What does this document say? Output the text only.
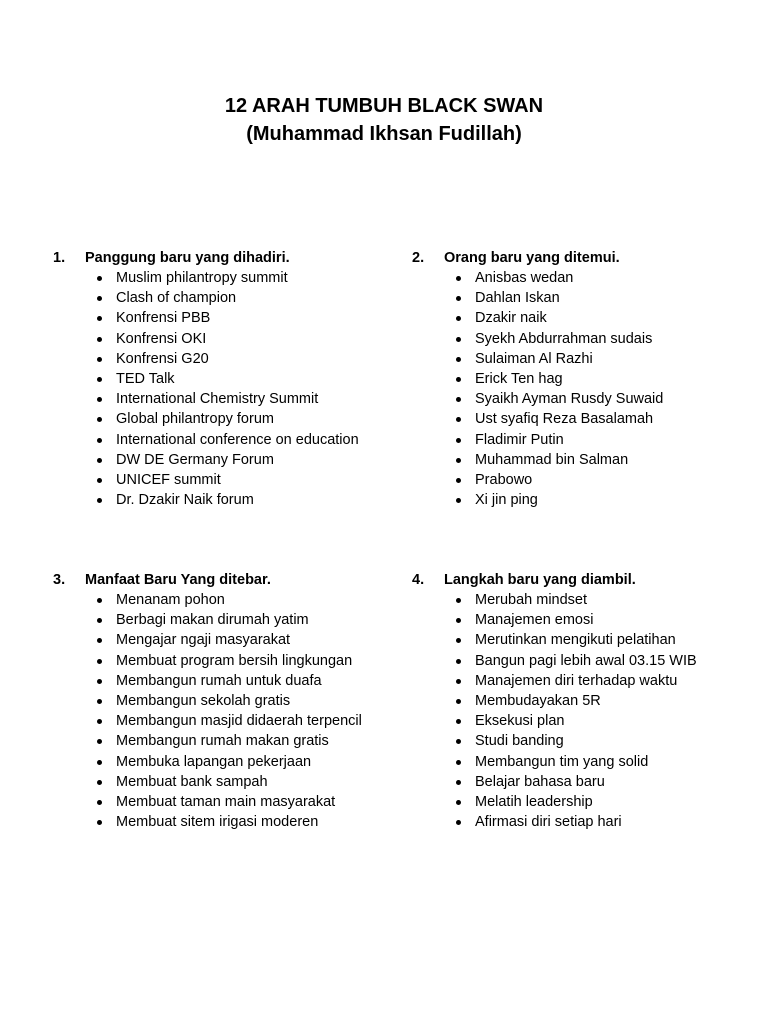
12 ARAH TUMBUH BLACK SWAN
(Muhammad Ikhsan Fudillah)
1. Panggung baru yang dihadiri.
Muslim philantropy summit
Clash of champion
Konfrensi PBB
Konfrensi OKI
Konfrensi G20
TED Talk
International Chemistry Summit
Global philantropy forum
International conference on education
DW DE Germany Forum
UNICEF summit
Dr. Dzakir Naik forum
2. Orang baru yang ditemui.
Anisbas wedan
Dahlan Iskan
Dzakir naik
Syekh Abdurrahman sudais
Sulaiman Al Razhi
Erick Ten hag
Syaikh Ayman Rusdy Suwaid
Ust syafiq Reza Basalamah
Fladimir Putin
Muhammad bin Salman
Prabowo
Xi jin ping
3. Manfaat Baru Yang ditebar.
Menanam pohon
Berbagi makan dirumah yatim
Mengajar ngaji masyarakat
Membuat program bersih lingkungan
Membangun rumah untuk duafa
Membangun sekolah gratis
Membangun masjid didaerah terpencil
Membangun rumah makan gratis
Membuka lapangan pekerjaan
Membuat bank sampah
Membuat taman main masyarakat
Membuat sitem irigasi moderen
4. Langkah baru yang diambil.
Merubah mindset
Manajemen emosi
Merutinkan mengikuti pelatihan
Bangun pagi lebih awal 03.15 WIB
Manajemen diri terhadap waktu
Membudayakan 5R
Eksekusi plan
Studi banding
Membangun tim yang solid
Belajar bahasa baru
Melatih leadership
Afirmasi diri setiap hari
